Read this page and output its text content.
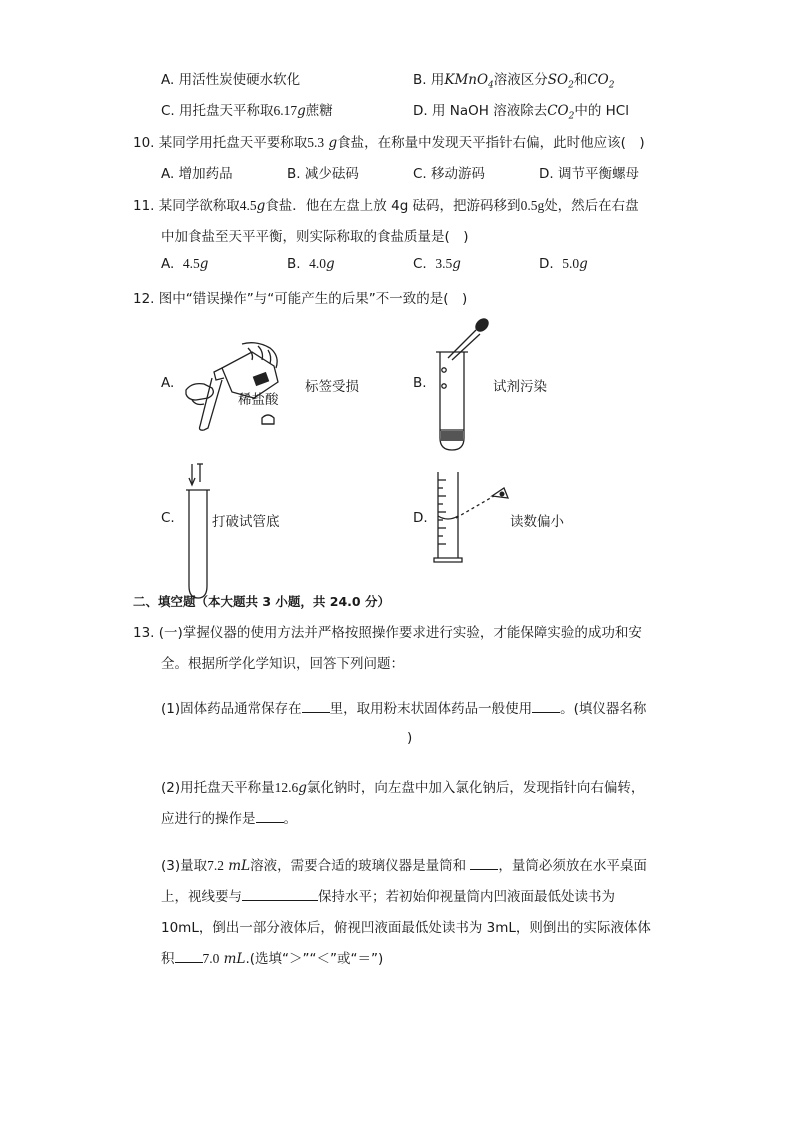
A. 用活性炭使硬水软化	B. 用KMnO$_4$溶液区分$SO_2$和$CO_2$
C. 用托盘天平称取6.17g蔗糖	D. 用 NaOH 溶液除去$CO_2$中的 HCl
10. 某同学用托盘天平要称取5.3 g食盐，在称量中发现天平指针右偏，此时他应该(　)
A. 增加药品	B. 减少砝码	C. 移动游码	D. 调节平衡螺母
11. 某同学欲称取4.5g食盐．他在左盘上放 4g 砝码，把游码移到0.5g处，然后在右盘
中加食盐至天平平衡，则实际称取的食盐质量是(　)
A. 4.5g	B. 4.0g	C. 3.5g	D. 5.0g
12. 图中“错误操作”与“可能产生的后果”不一致的是(　)
A.
稀盐酸
标签受损	B.	试剂污染
C.	打破试管底	D.	读数偏小
二、填空题（本大题共 3 小题，共 24.0 分）
13. (一)掌握仪器的使用方法并严格按照操作要求进行实验，才能保障实验的成功和安
全。根据所学化学知识，回答下列问题：
(1)固体药品通常保存在 里，取用粉末状固体药品一般使用 。(填仪器名称
)
(2)用托盘天平称量12.6g氯化钠时，向左盘中加入氯化钠后，发现指针向右偏转，
应进行的操作是 。
(3)量取7.2 mL溶液，需要合适的玻璃仪器是量筒和 ，量筒必须放在水平桌面
上，视线要与	保持水平；若初始仰视量筒内凹液面最低处读书为
10mL，倒出一部分液体后，俯视凹液面最低处读书为 3mL，则倒出的实际液体体
积 7.0 mL.(选填“＞”“＜”或“＝”)
